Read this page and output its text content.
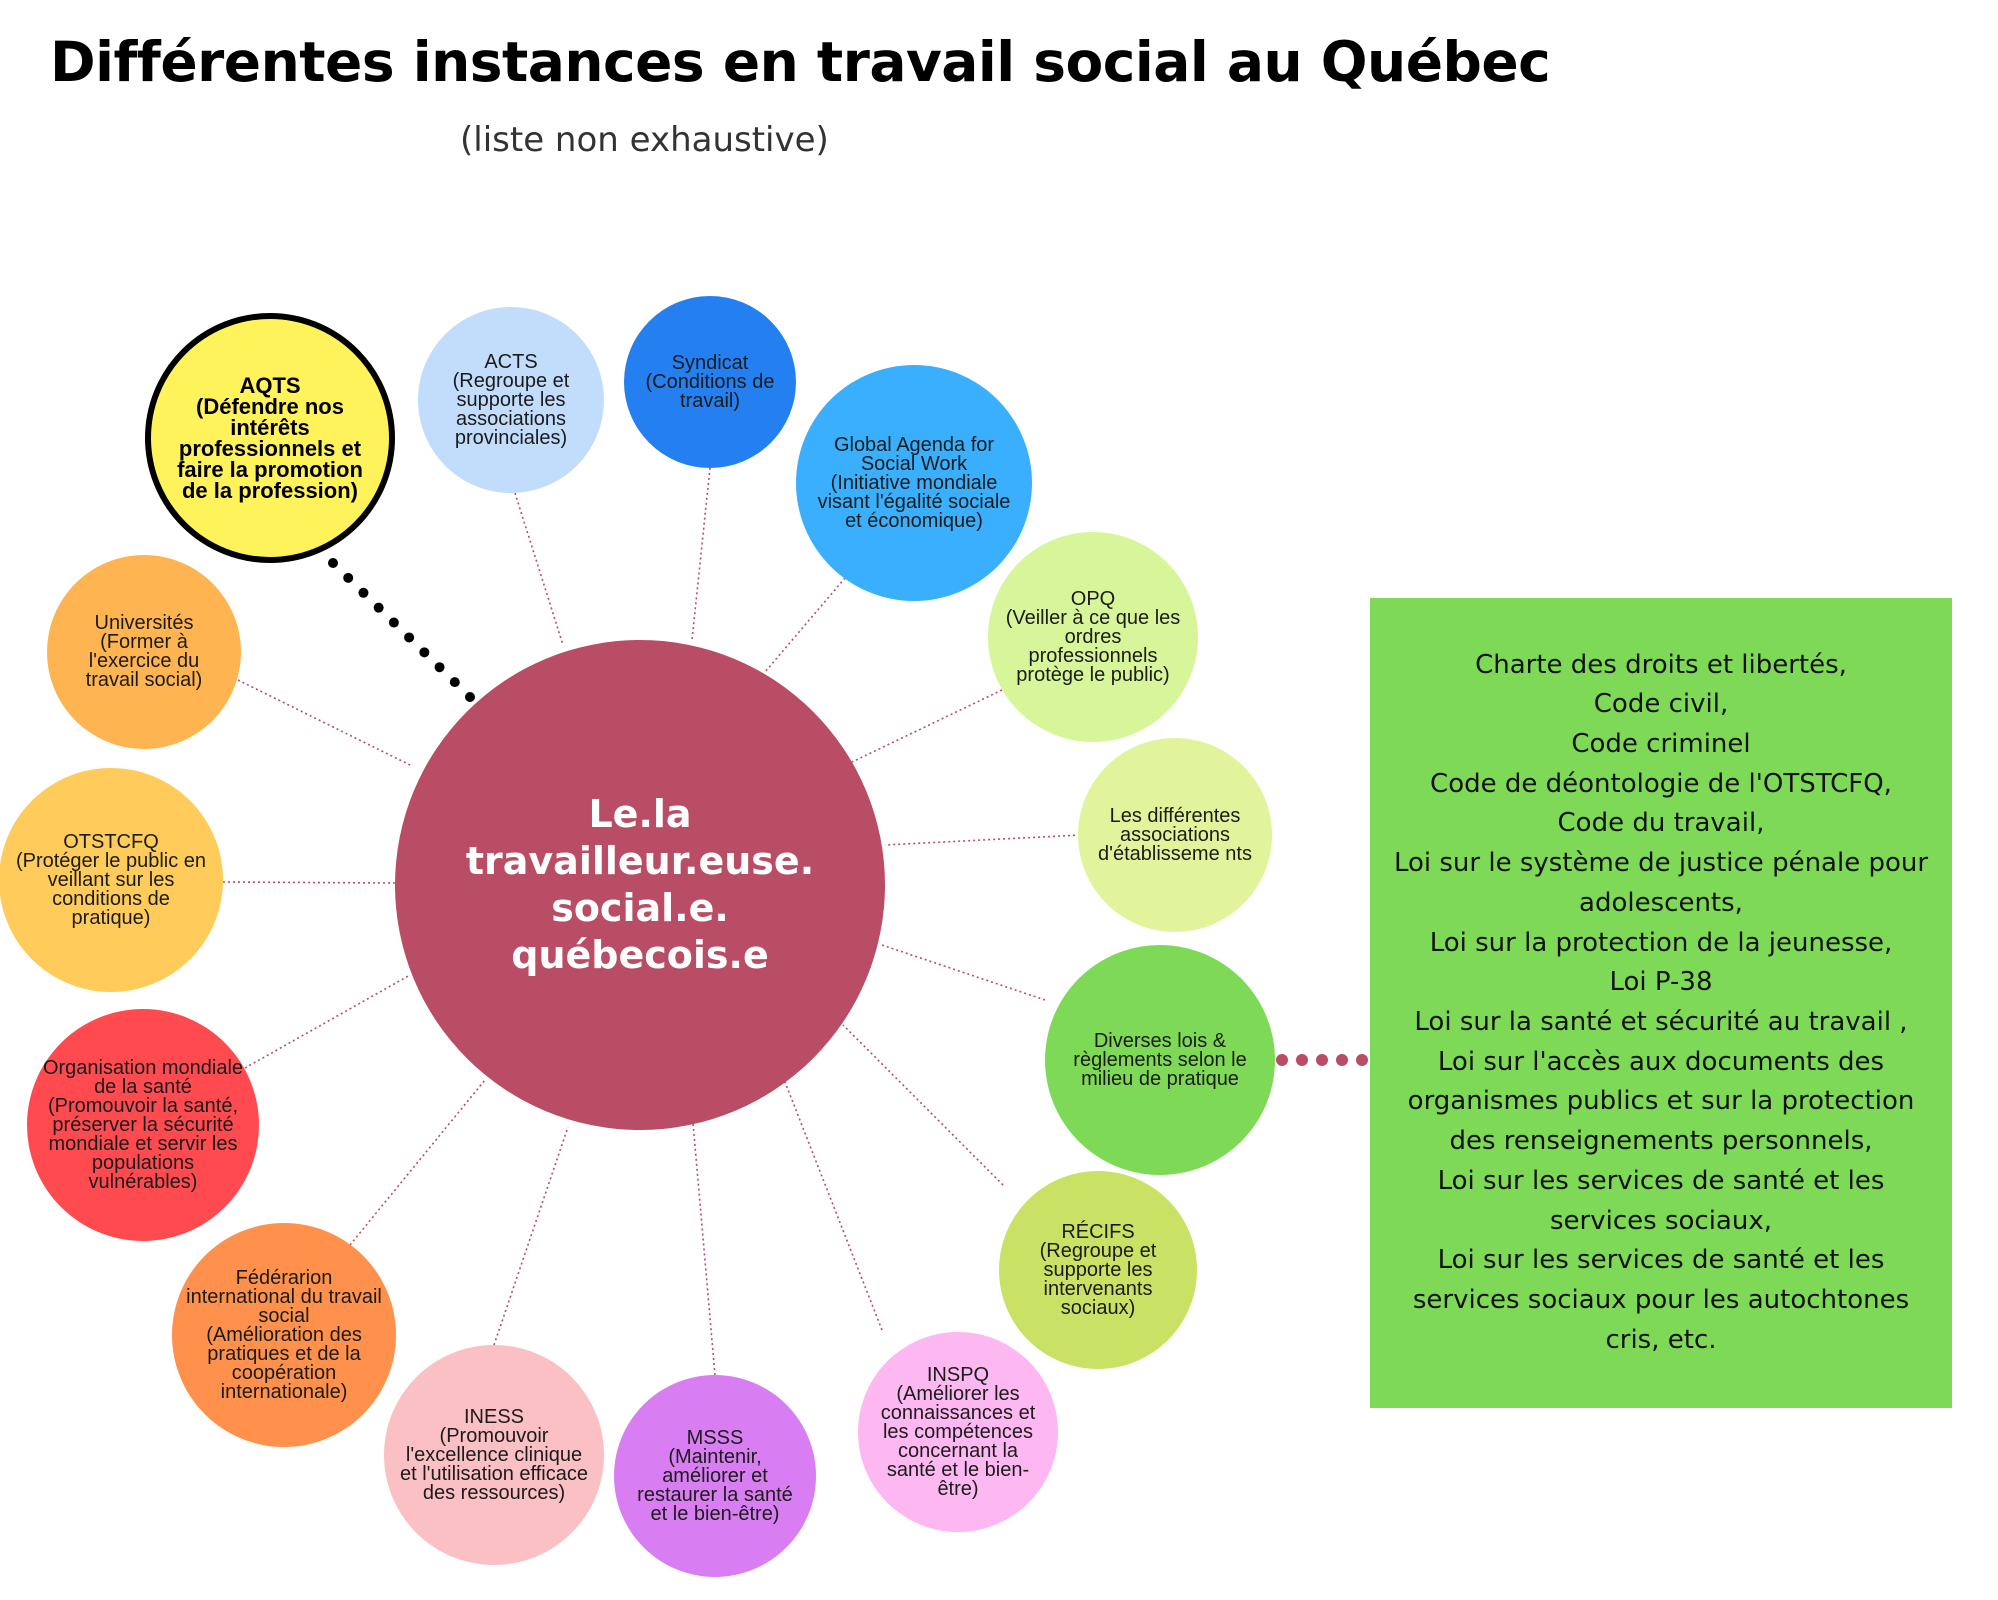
Différentes instances en travail social au Québec
(liste non exhaustive)
Le.la travailleur.euse. social.e. québecois.e
AQTS
(Défendre nos intérêts professionnels et faire la promotion de la profession)
ACTS
(Regroupe et supporte les associations provinciales)
Syndicat
(Conditions de travail)
Global Agenda for Social Work
(Initiative mondiale visant l'égalité sociale et économique)
OPQ
(Veiller à ce que les ordres professionnels protège le public)
Les différentes associations d'établisseme nts
Diverses lois & règlements selon le milieu de pratique
RÉCIFS
(Regroupe et supporte les intervenants sociaux)
INSPQ
(Améliorer les connaissances et les compétences concernant la santé et le bien-être)
MSSS
(Maintenir, améliorer et restaurer la santé et le bien-être)
INESS
(Promouvoir l'excellence clinique et l'utilisation efficace des ressources)
Fédérarion international du travail social
(Amélioration des pratiques et de la coopération internationale)
Organisation mondiale de la santé
(Promouvoir la santé, préserver la sécurité mondiale et servir les populations vulnérables)
OTSTCFQ
(Protéger le public en veillant sur les conditions de pratique)
Universités
(Former à l'exercice du travail social)
Charte des droits et libertés,
Code civil,
Code criminel
Code de déontologie de l'OTSTCFQ,
Code du travail,
Loi sur le système de justice pénale pour adolescents,
Loi sur la protection de la jeunesse,
Loi P-38
Loi sur la santé et sécurité au travail ,
Loi sur l'accès aux documents des organismes publics et sur la protection des renseignements personnels,
Loi sur les services de santé et les services sociaux,
Loi sur les services de santé et les services sociaux pour les autochtones cris, etc.
